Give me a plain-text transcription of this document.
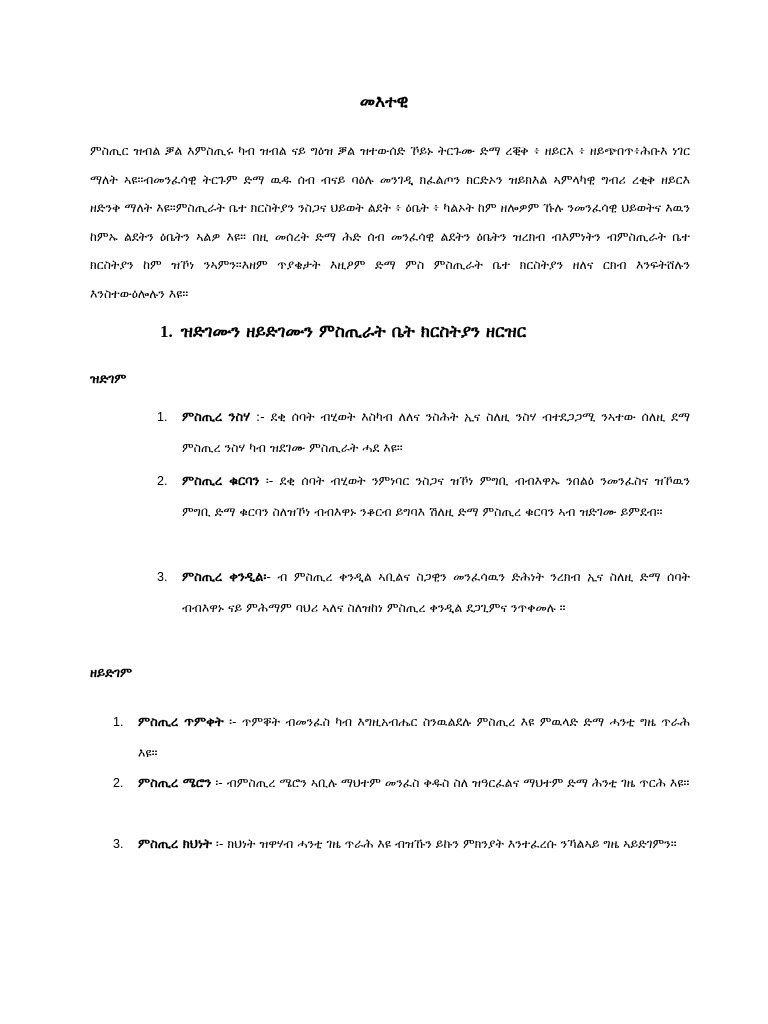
መእተዊ

ምስጢር ዝብል ቓል እምስጢሩ ካብ ዝብል ናይ ግዕዝ ቓል ዝተውሰድ ኾይኑ ትርጉሙ ድማ ረቒቅ ፥ ዘይርእ ፥ ዘይጭበጥ፥ሕቡእ ነገር ማለት ኣዩ።ብመንፈሳዊ ትርጉም ድማ ዉዱ ሰብ ብናይ ባዕሉ መንገዲ ክፈልጦን ክርድኦን ዝይክእል ኣምላካዊ ግብሪ ረቂቅ ዘይርእ ዘድንቅ ማለት እዩ።ምስጢራት ቤተ ክርስትያን ንስጋና ህይወት ልደት ፥ ዕቤት ፥ ካልኦት ከም ዘሎዎም ኹሉ ንመንፈሳዊ ህይወትና እዉን ከምኡ ልደትን ዕቤትን ኣልዎ እዩ። በዚ መሰረት ድማ ሕድ ሰብ መንፈሳዊ ልደትን ዕቤትን ዝረክብ ብእምነትን ብምስጢራት ቤተ ክርስትያን ከም ዝኾነ ንኣምን።እዘም ጥያቄታት እዚዖም ድማ ምስ ምስጢራት ቤተ ክርስትያን ዘለና ርክብ እንፍትሸሉን እንስተውዕሎሉን እዩ።

1. ዝድገሙን ዘይድገሙን ምስጢራት ቤት ክርስትያን ዘርዝር
ዝድገም
1. ምስጢረ ንስሃ :- ደቂ ሰባት ብሂወት እስካብ ለለና ንስሕት ኢና ስለዚ ንስሃ ብተደጋጋሚ ንኣተው ሰለዚ ደማ ምስጢረ ንስሃ ካብ ዝደገሙ ምስጢራት ሓደ እዩ።
2. ምስጢረ ቁርባን ፡- ደቂ ሰባት ብሂወት ንምነባር ንስጋና ዝኾነ ምግቢ ብብእዋኡ ንበልዕ ንመንፈስና ዝኾዉን ምግቢ ድማ ቁርባን ስለዝኾነ ብብእዋኑ ንቆርብ ይግባእ ሽለዚ ድማ ምስጢረ ቁርባን ኣብ ዝድገሙ ይምደብ።
3. ምስጢረ ቀንዲል፡- ብ ምስጢረ ቀንዲል ኣቢልና ስጋዊን መንፈሳዉን ድሕነት ንረክብ ኢና ስለዚ ድማ ሰባት ብብእዋኑ ናይ ምሕማም ባህሪ ኣለና ስለዝከነ ምስጢረ ቀንዲል ደጋጊምና ንጥቀመሉ ።
ዘይድገም
1. ምስጢረ ጥምቀት ፡- ጥምቐት ብመንፈስ ካብ እግዚአብሔር ስንዉልደሉ ምስጢረ እዩ ምዉላድ ድማ ሓንቲ ግዜ ጥራሕ እዩ።
2. ምስጢረ ሜሮን ፡- ብምስጢረ ሜሮን ኣቢሉ ማህተም መንፈስ ቅዱስ ስለ ዝዓርፈልና ማህተም ድማ ሕንቲ ገዜ ጥርሕ እዩ።
3. ምስጢረ ክህነት ፡- ክህነት ዝዋሃብ ሓንቲ ገዜ ጥራሕ እዩ ብዝኹን ይኩን ምክንያት እንተፈረሱ ንኻልኣይ ግዜ ኣይድገምን።
